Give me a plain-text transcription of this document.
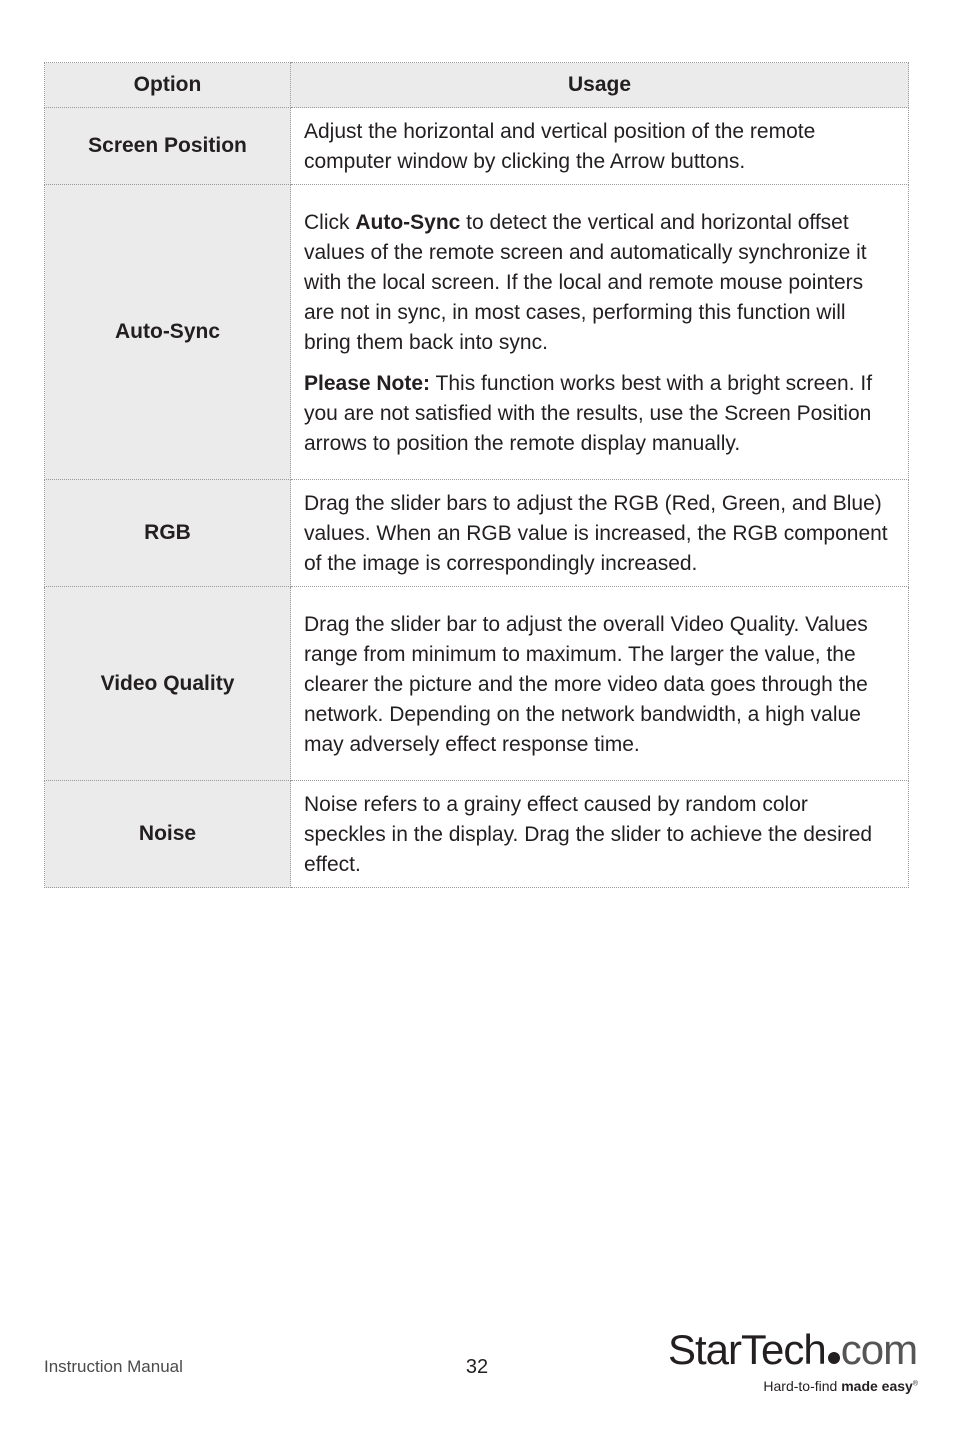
Option	Usage
Screen Position	Adjust the horizontal and vertical position of the remote computer window by clicking the Arrow buttons.

Auto-Sync	Click Auto-Sync to detect the vertical and horizontal offset values of the remote screen and automatically synchronize it with the local screen. If the local and remote mouse pointers are not in sync, in most cases, performing this function will bring them back into sync.

Please Note: This function works best with a bright screen. If you are not satisfied with the results, use the Screen Position arrows to position the remote display manually.

RGB	Drag the slider bars to adjust the RGB (Red, Green, and Blue) values. When an RGB value is increased, the RGB component of the image is correspondingly increased.

Video Quality	Drag the slider bar to adjust the overall Video Quality. Values range from minimum to maximum. The larger the value, the clearer the picture and the more video data goes through the network. Depending on the network bandwidth, a high value may adversely effect response time.

Noise	Noise refers to a grainy effect caused by random color speckles in the display. Drag the slider to achieve the desired effect.

Instruction Manual	32	StarTech com
Hard-to-find made easy®
